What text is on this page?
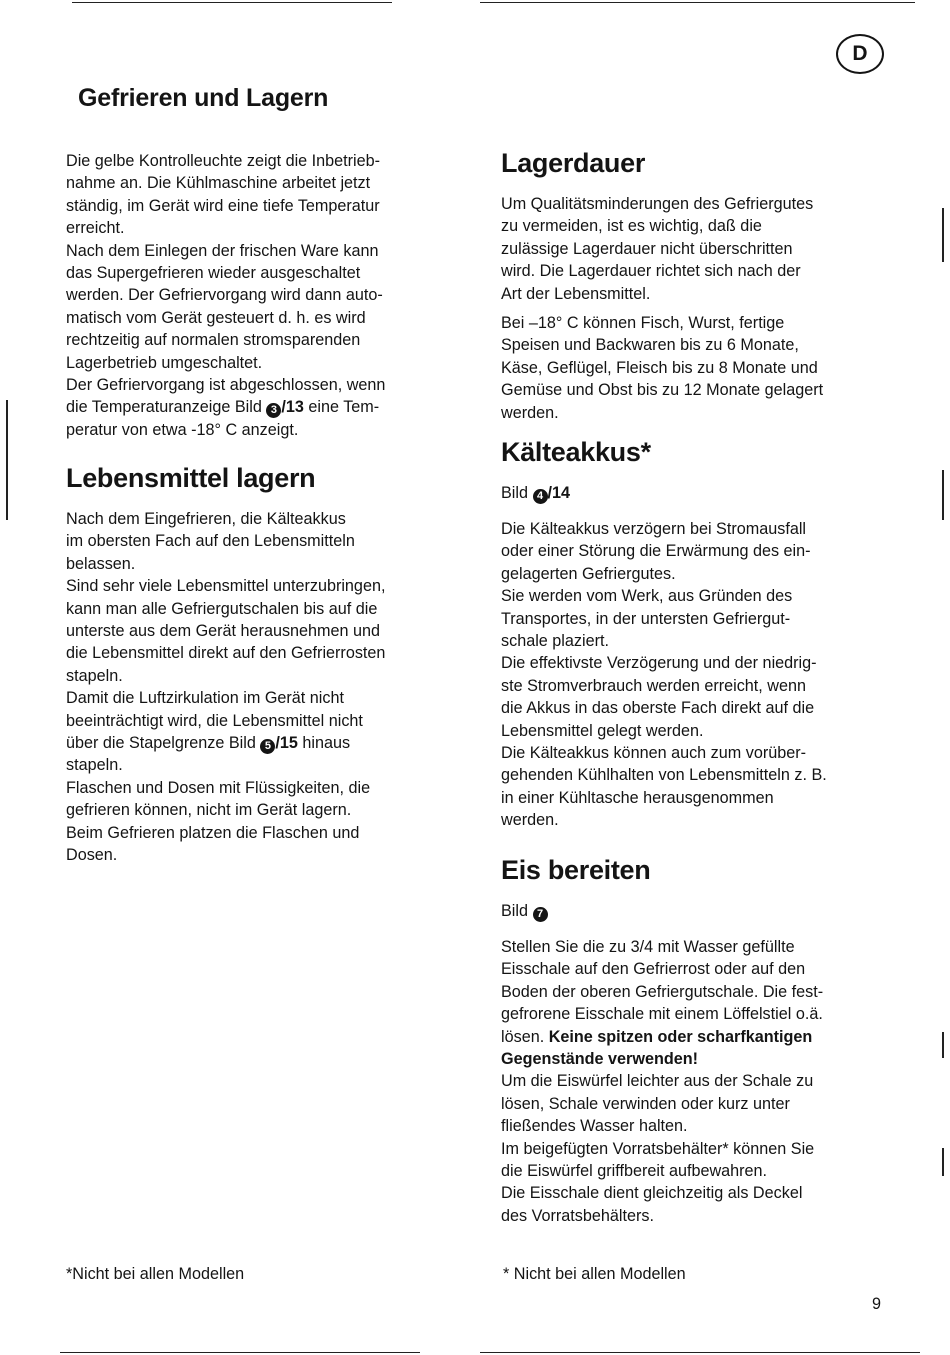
D
Gefrieren und Lagern

Die gelbe Kontrolleuchte zeigt die Inbetrieb-

nahme an. Die Kühlmaschine arbeitet jetzt

ständig, im Gerät wird eine tiefe Temperatur

erreicht.

Nach dem Einlegen der frischen Ware kann

das Supergefrieren wieder ausgeschaltet

werden. Der Gefriervorgang wird dann auto-

matisch vom Gerät gesteuert d. h. es wird

rechtzeitig auf normalen stromsparenden

Lagerbetrieb umgeschaltet.

Der Gefriervorgang ist abgeschlossen, wenn

die Temperaturanzeige Bild 3 /13 eine Tem-

peratur von etwa -18° C anzeigt.

Lebensmittel lagern

Nach dem Eingefrieren, die Kälteakkus

im obersten Fach auf den Lebensmitteln

belassen.

Sind sehr viele Lebensmittel unterzubringen,

kann man alle Gefriergutschalen bis auf die

unterste aus dem Gerät herausnehmen und

die Lebensmittel direkt auf den Gefrierrosten

stapeln.

Damit die Luftzirkulation im Gerät nicht

beeinträchtigt wird, die Lebensmittel nicht

über die Stapelgrenze Bild 5 /15 hinaus

stapeln.

Flaschen und Dosen mit Flüssigkeiten, die

gefrieren können, nicht im Gerät lagern.

Beim Gefrieren platzen die Flaschen und

Dosen.

*Nicht bei allen Modellen
Lagerdauer

Um Qualitätsminderungen des Gefriergutes

zu vermeiden, ist es wichtig, daß die

zulässige Lagerdauer nicht überschritten

wird. Die Lagerdauer richtet sich nach der

Art der Lebensmittel.

Bei –18° C können Fisch, Wurst, fertige

Speisen und Backwaren bis zu 6 Monate,

Käse, Geflügel, Fleisch bis zu 8 Monate und

Gemüse und Obst bis zu 12 Monate gelagert

werden.

Kälteakkus*
Bild 4 /14

Die Kälteakkus verzögern bei Stromausfall

oder einer Störung die Erwärmung des ein-

gelagerten Gefriergutes.

Sie werden vom Werk, aus Gründen des

Transportes, in der untersten Gefriergut-

schale plaziert.

Die effektivste Verzögerung und der niedrig-

ste Stromverbrauch werden erreicht, wenn

die Akkus in das oberste Fach direkt auf die

Lebensmittel gelegt werden.

Die Kälteakkus können auch zum vorüber-

gehenden Kühlhalten von Lebensmitteln z. B.

in einer Kühltasche herausgenommen

werden.

Eis bereiten
Bild 7

Stellen Sie die zu 3/4 mit Wasser gefüllte

Eisschale auf den Gefrierrost oder auf den

Boden der oberen Gefriergutschale. Die fest-

gefrorene Eisschale mit einem Löffelstiel o.ä.

lösen. Keine spitzen oder scharfkantigen

Gegenstände verwenden!

Um die Eiswürfel leichter aus der Schale zu

lösen, Schale verwinden oder kurz unter

fließendes Wasser halten.

Im beigefügten Vorratsbehälter* können Sie

die Eiswürfel griffbereit aufbewahren.

Die Eisschale dient gleichzeitig als Deckel

des Vorratsbehälters.

* Nicht bei allen Modellen
9
